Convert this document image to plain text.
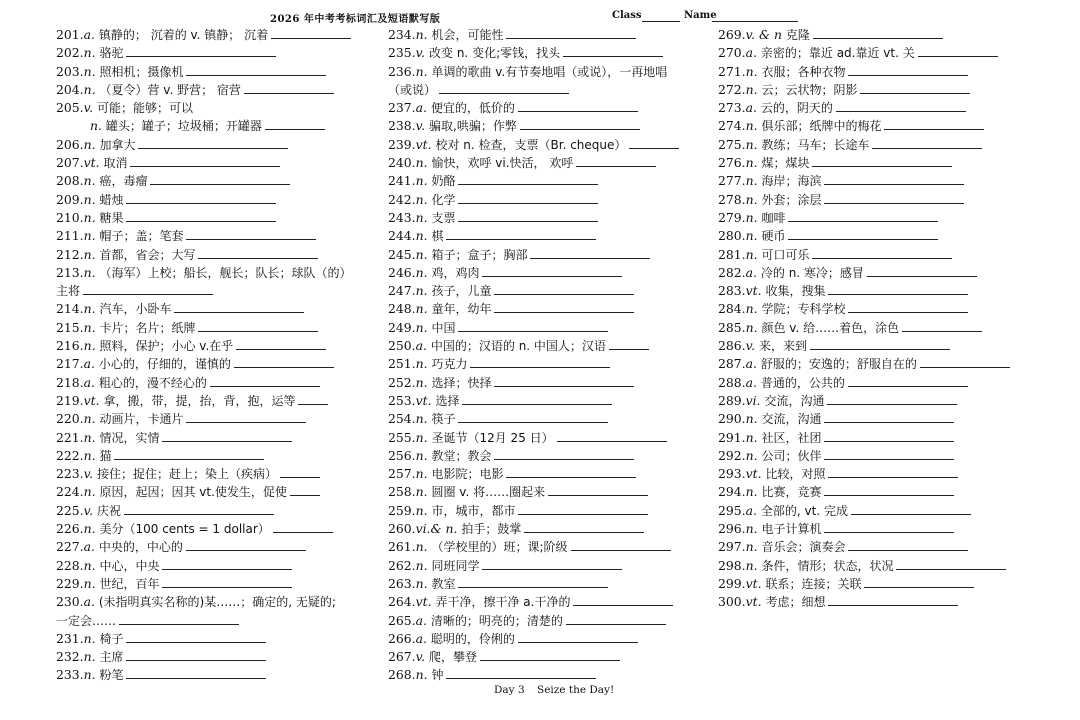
2026 年中考考标词汇及短语默写版	Class	Name
201.a. 镇静的； 沉着的 v. 镇静； 沉着
202.n. 骆驼
203.n. 照相机；摄像机
204.n. （夏令）营 v. 野营； 宿营
205.v. 可能；能够；可以
n. 罐头；罐子；垃圾桶；开罐器
206.n. 加拿大
207.vt. 取消
208.n. 癌，毒瘤
209.n. 蜡烛
210.n. 糖果
211.n. 帽子；盖；笔套
212.n. 首都，省会；大写
213.n. （海军）上校；船长，舰长；队长；球队（的）
主将
214.n. 汽车，小卧车
215.n. 卡片；名片；纸牌
216.n. 照料，保护；小心 v.在乎
217.a. 小心的，仔细的，谨慎的
218.a. 粗心的，漫不经心的
219.vt. 拿，搬，带，提，抬，背，抱，运等
220.n. 动画片，卡通片
221.n. 情况，实情
222.n. 猫
223.v. 接住；捉住；赶上；染上（疾病）
224.n. 原因，起因；因其 vt.使发生，促使
225.v. 庆祝
226.n. 美分（100 cents = 1 dollar）
227.a. 中央的，中心的
228.n. 中心，中央
229.n. 世纪，百年
230.a. (未指明真实名称的)某……；确定的, 无疑的;
一定会……
231.n. 椅子
232.n. 主席
233.n. 粉笔
234.n. 机会，可能性
235.v. 改变 n. 变化;零钱，找头
236.n. 单调的歌曲 v.有节奏地唱（或说），一再地唱
（或说）
237.a. 便宜的，低价的
238.v. 骗取,哄骗；作弊
239.vt. 校对 n. 检查，支票（Br. cheque）
240.n. 愉快，欢呼 vi.快活， 欢呼
241.n. 奶酪
242.n. 化学
243.n. 支票
244.n. 棋
245.n. 箱子；盒子；胸部
246.n. 鸡，鸡肉
247.n. 孩子，儿童
248.n. 童年，幼年
249.n. 中国
250.a. 中国的；汉语的 n. 中国人；汉语
251.n. 巧克力
252.n. 选择；快择
253.vt. 选择
254.n. 筷子
255.n. 圣诞节（12月 25 日）
256.n. 教堂；教会
257.n. 电影院；电影
258.n. 圆圈 v. 将……圈起来
259.n. 市，城市，都市
260.vi.& n. 拍手；鼓掌
261.n. （学校里的）班；课;阶级
262.n. 同班同学
263.n. 教室
264.vt. 弄干净，擦干净 a.干净的
265.a. 清晰的；明亮的；清楚的
266.a. 聪明的，伶俐的
267.v. 爬，攀登
268.n. 钟
269.v. & n 克隆
270.a. 亲密的；靠近 ad.靠近 vt. 关
271.n. 衣服；各种衣物
272.n. 云；云状物；阴影
273.a. 云的，阴天的
274.n. 俱乐部；纸牌中的梅花
275.n. 教练；马车；长途车
276.n. 煤；煤块
277.n. 海岸；海滨
278.n. 外套；涂层
279.n. 咖啡
280.n. 硬币
281.n. 可口可乐
282.a. 冷的 n. 寒冷；感冒
283.vt. 收集，搜集
284.n. 学院；专科学校
285.n. 颜色 v. 给……着色，涂色
286.v. 来，来到
287.a. 舒服的；安逸的；舒服自在的
288.a. 普通的，公共的
289.vi. 交流，沟通
290.n. 交流，沟通
291.n. 社区，社团
292.n. 公司；伙伴
293.vt. 比较，对照
294.n. 比赛，竞赛
295.a. 全部的, vt. 完成
296.n. 电子计算机
297.n. 音乐会；演奏会
298.n. 条件，情形；状态，状况
299.vt. 联系；连接；关联
300.vt. 考虑；细想
Day 3 Seize the Day!
